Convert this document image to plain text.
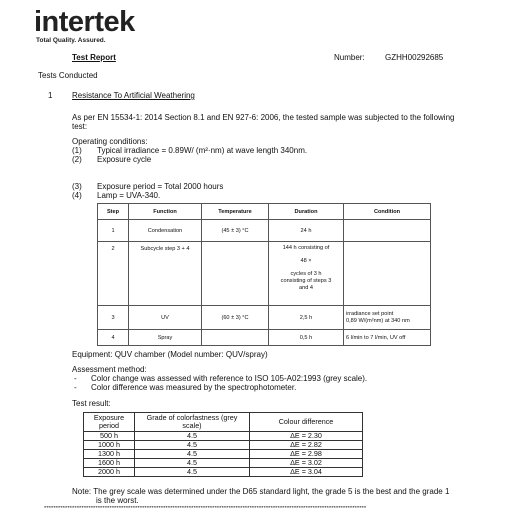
intertek
Total Quality. Assured.
Test Report	Number:	GZHH00292685
Tests Conducted
1 Resistance To Artificial Weathering
As per EN 15534-1: 2014 Section 8.1 and EN 927-6: 2006, the tested sample was subjected to the following
test:
Operating conditions:
(1) Typical irradiance = 0.89W/ (m²·nm) at wave length 340nm.
(2) Exposure cycle
(3) Exposure period = Total 2000 hours
(4) Lamp = UVA-340.
Step	Function	Temperature	Duration	Condition
1	Condensation	(45 ± 3) °C	24 h	

2	Subcycle step 3 + 4		144 h consisting of
48 ×
cycles of 3 h
consisting of steps 3
and 4	

3	UV	(60 ± 3) °C	2,5 h	irradiance set point
0,89 W/(m²nm) at 340 nm

4	Spray		0,5 h	6 l/min to 7 l/min, UV off
Equipment: QUV chamber (Model number: QUV/spray)
Assessment method:
- Color change was assessed with reference to ISO 105-A02:1993 (grey scale).
- Color difference was measured by the spectrophotometer.
Test result:
Exposure period	Grade of colorfastness (grey scale)	Colour difference
500 h	4.5	ΔE = 2.30
1000 h	4.5	ΔE = 2.82
1300 h	4.5	ΔE = 2.98
1600 h	4.5	ΔE = 3.02
2000 h	4.5	ΔE = 3.04
Note: The grey scale was determined under the D65 standard light, the grade 5 is the best and the grade 1
is the worst.
******************************************************************************************************************************************
